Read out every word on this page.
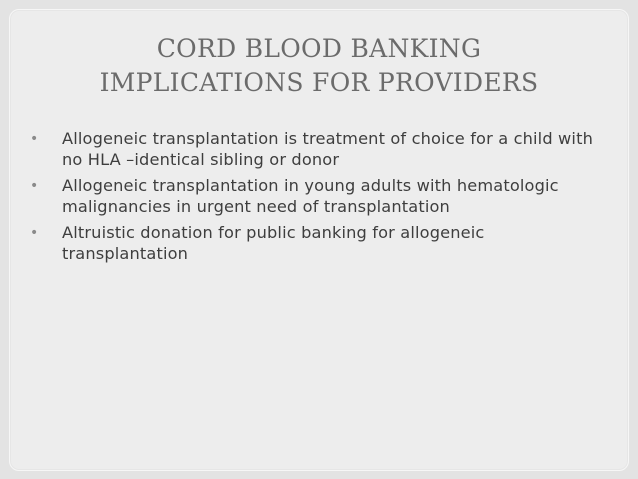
CORD BLOOD BANKING
IMPLICATIONS FOR PROVIDERS
• Allogeneic transplantation is treatment of choice for a child with no HLA –identical sibling or donor
• Allogeneic transplantation in young adults with hematologic malignancies in urgent need of transplantation
• Altruistic donation for public banking for allogeneic transplantation
